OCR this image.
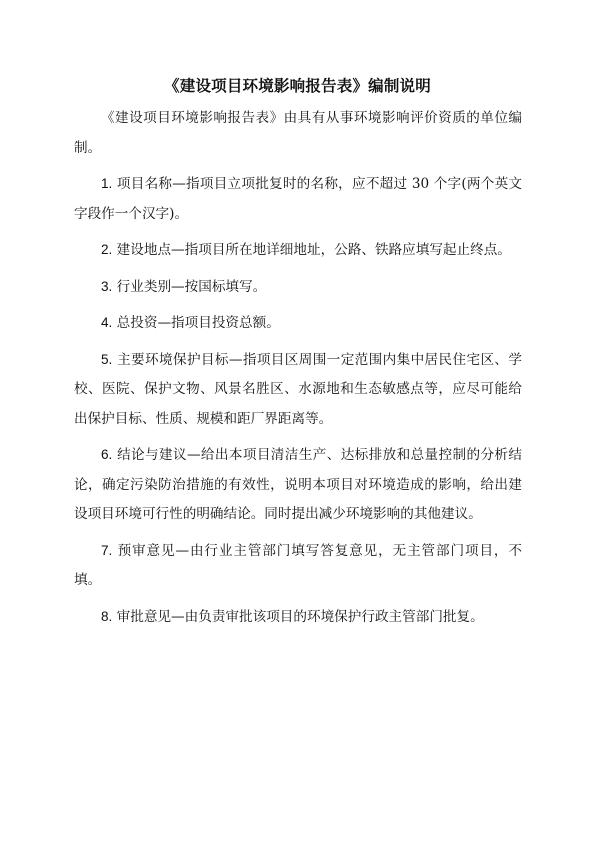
《建设项目环境影响报告表》编制说明

《建设项目环境影响报告表》由具有从事环境影响评价资质的单位编制。

1. 项目名称—指项目立项批复时的名称，应不超过 30 个字(两个英文字段作一个汉字)。

2. 建设地点—指项目所在地详细地址，公路、铁路应填写起止终点。

3. 行业类别—按国标填写。

4. 总投资—指项目投资总额。

5. 主要环境保护目标—指项目区周围一定范围内集中居民住宅区、学校、医院、保护文物、风景名胜区、水源地和生态敏感点等，应尽可能给出保护目标、性质、规模和距厂界距离等。

6. 结论与建议—给出本项目清洁生产、达标排放和总量控制的分析结论，确定污染防治措施的有效性，说明本项目对环境造成的影响，给出建设项目环境可行性的明确结论。同时提出减少环境影响的其他建议。

7. 预审意见—由行业主管部门填写答复意见，无主管部门项目，不填。

8. 审批意见—由负责审批该项目的环境保护行政主管部门批复。
